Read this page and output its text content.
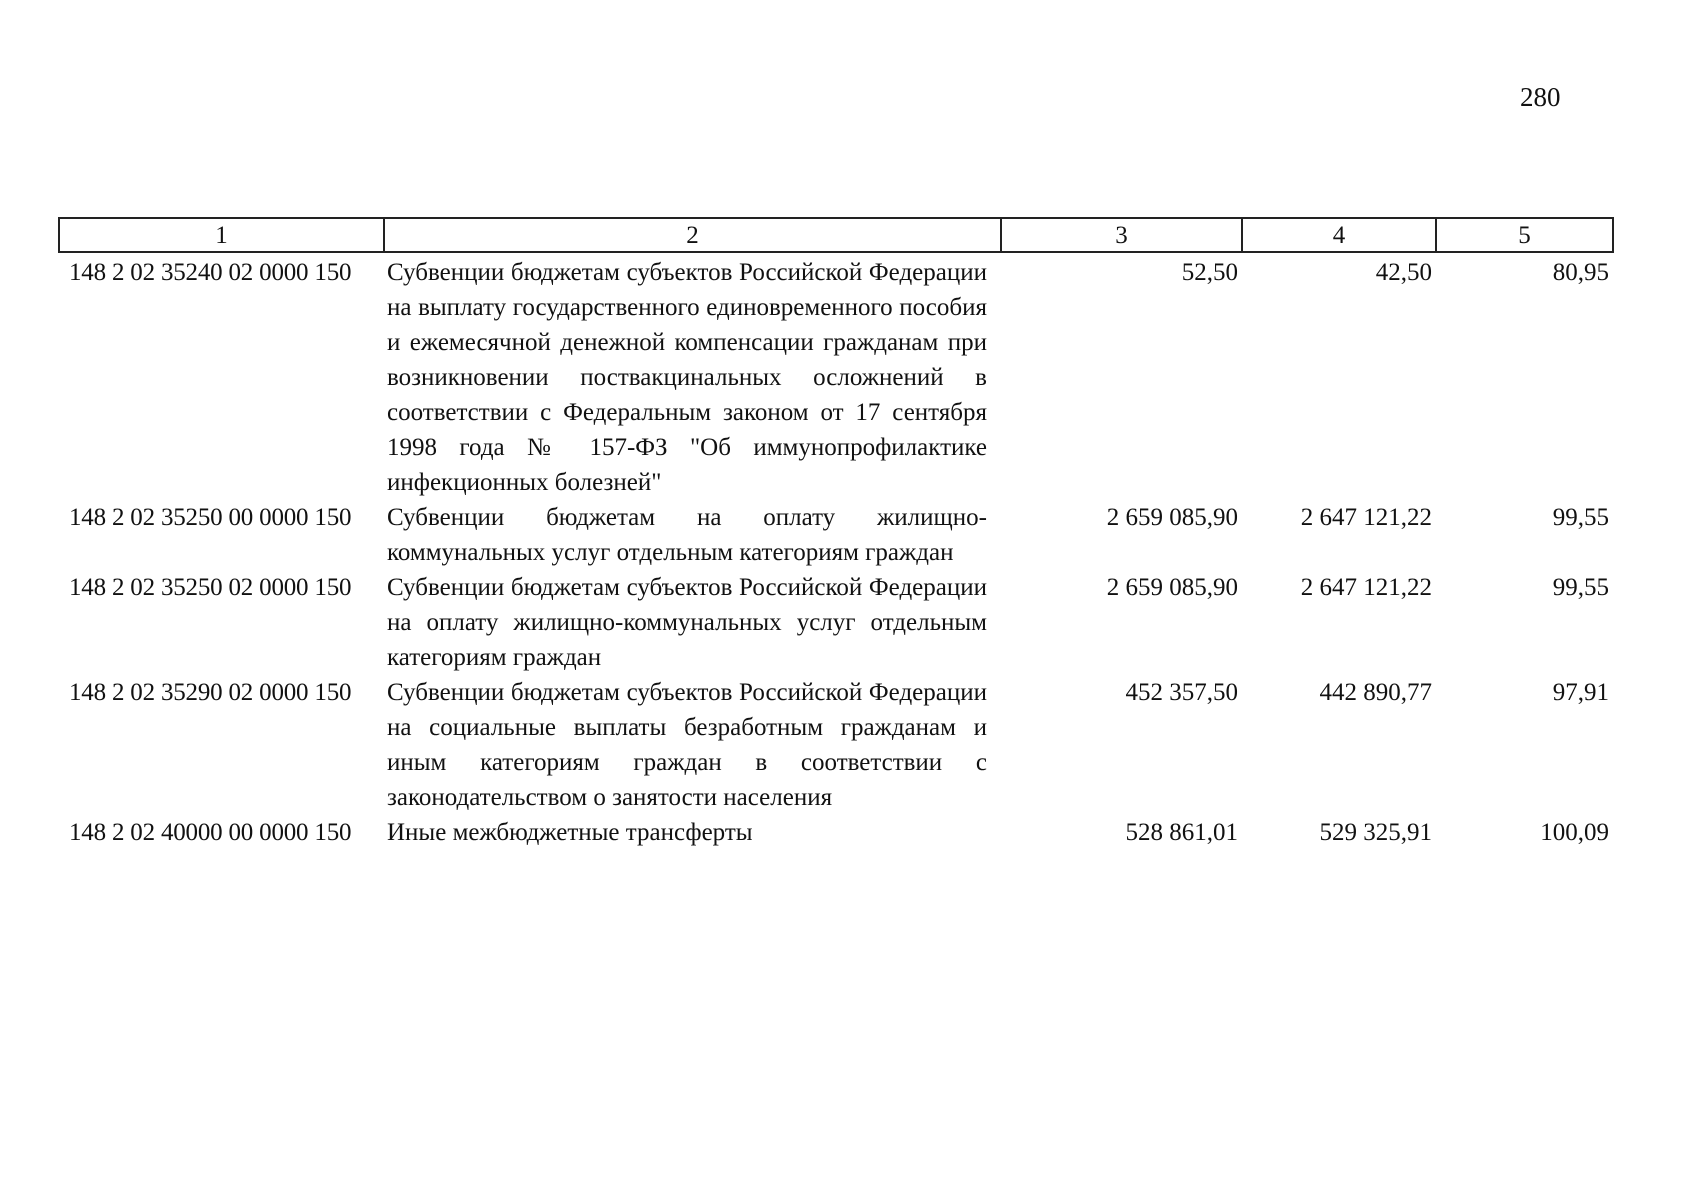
280
1	2	3	4	5
148 2 02 35240 02 0000 150	Субвенции бюджетам субъектов Российской Федерации на выплату государственного единовременного пособия и ежемесячной денежной компенсации гражданам при возникновении поствакцинальных осложнений в соответствии с Федеральным законом от 17 сентября 1998 года № 157-ФЗ "Об иммунопрофилактике инфекционных болезней"	52,50	42,50	80,95
148 2 02 35250 00 0000 150	Субвенции бюджетам на оплату жилищно-коммунальных услуг отдельным категориям граждан	2 659 085,90	2 647 121,22	99,55
148 2 02 35250 02 0000 150	Субвенции бюджетам субъектов Российской Федерации на оплату жилищно-коммунальных услуг отдельным категориям граждан	2 659 085,90	2 647 121,22	99,55
148 2 02 35290 02 0000 150	Субвенции бюджетам субъектов Российской Федерации на социальные выплаты безработным гражданам и иным категориям граждан в соответствии с законодательством о занятости населения	452 357,50	442 890,77	97,91
148 2 02 40000 00 0000 150	Иные межбюджетные трансферты	528 861,01	529 325,91	100,09
